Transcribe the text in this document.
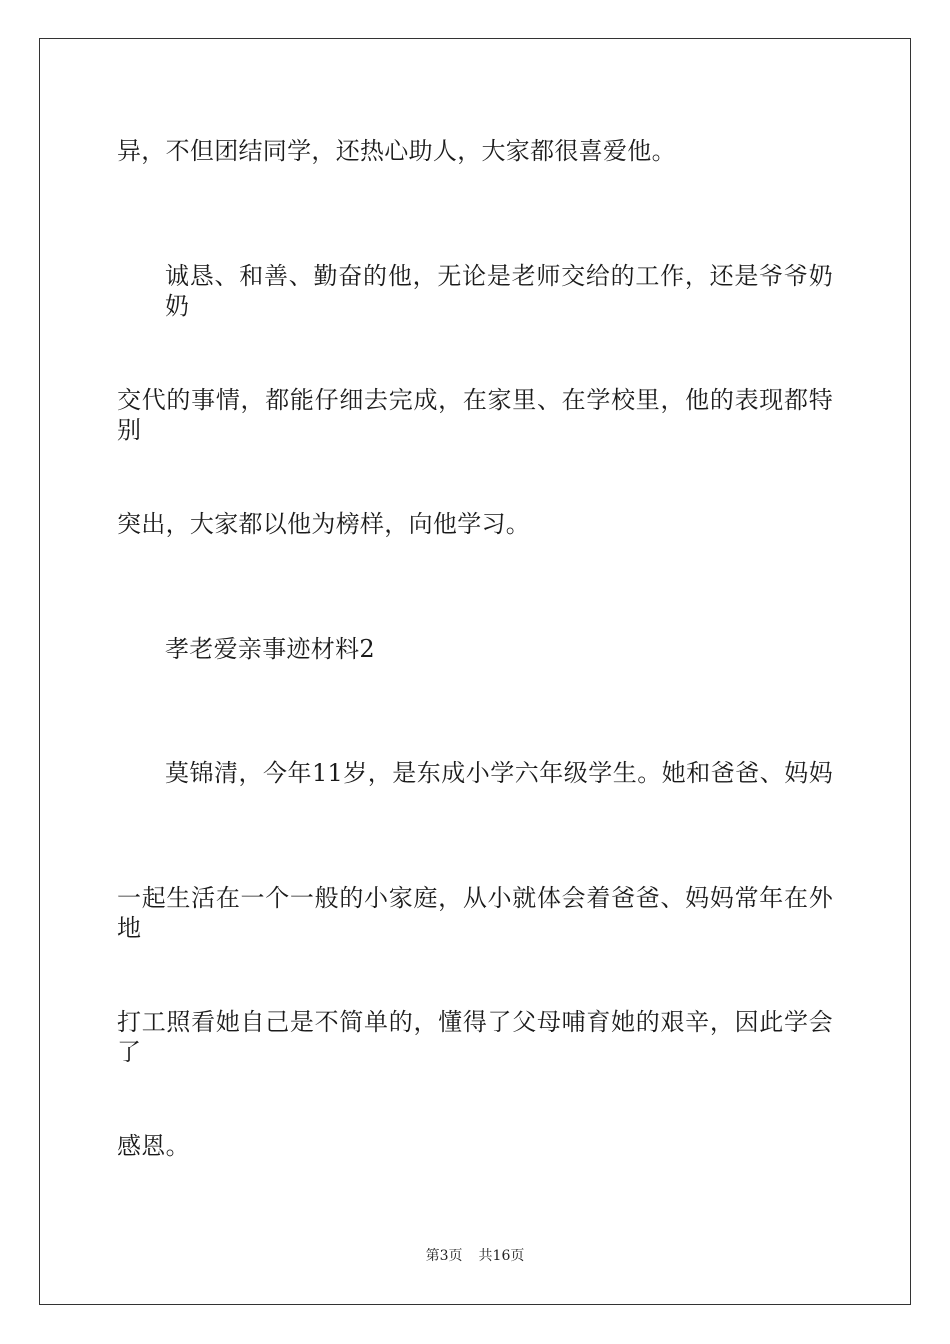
异，不但团结同学，还热心助人，大家都很喜爱他。
诚恳、和善、勤奋的他，无论是老师交给的工作，还是爷爷奶奶
交代的事情，都能仔细去完成，在家里、在学校里，他的表现都特别
突出，大家都以他为榜样，向他学习。
孝老爱亲事迹材料2
莫锦清，今年11岁，是东成小学六年级学生。她和爸爸、妈妈
一起生活在一个一般的小家庭，从小就体会着爸爸、妈妈常年在外地
打工照看她自己是不简单的，懂得了父母哺育她的艰辛，因此学会了
感恩。
第3页 共16页
